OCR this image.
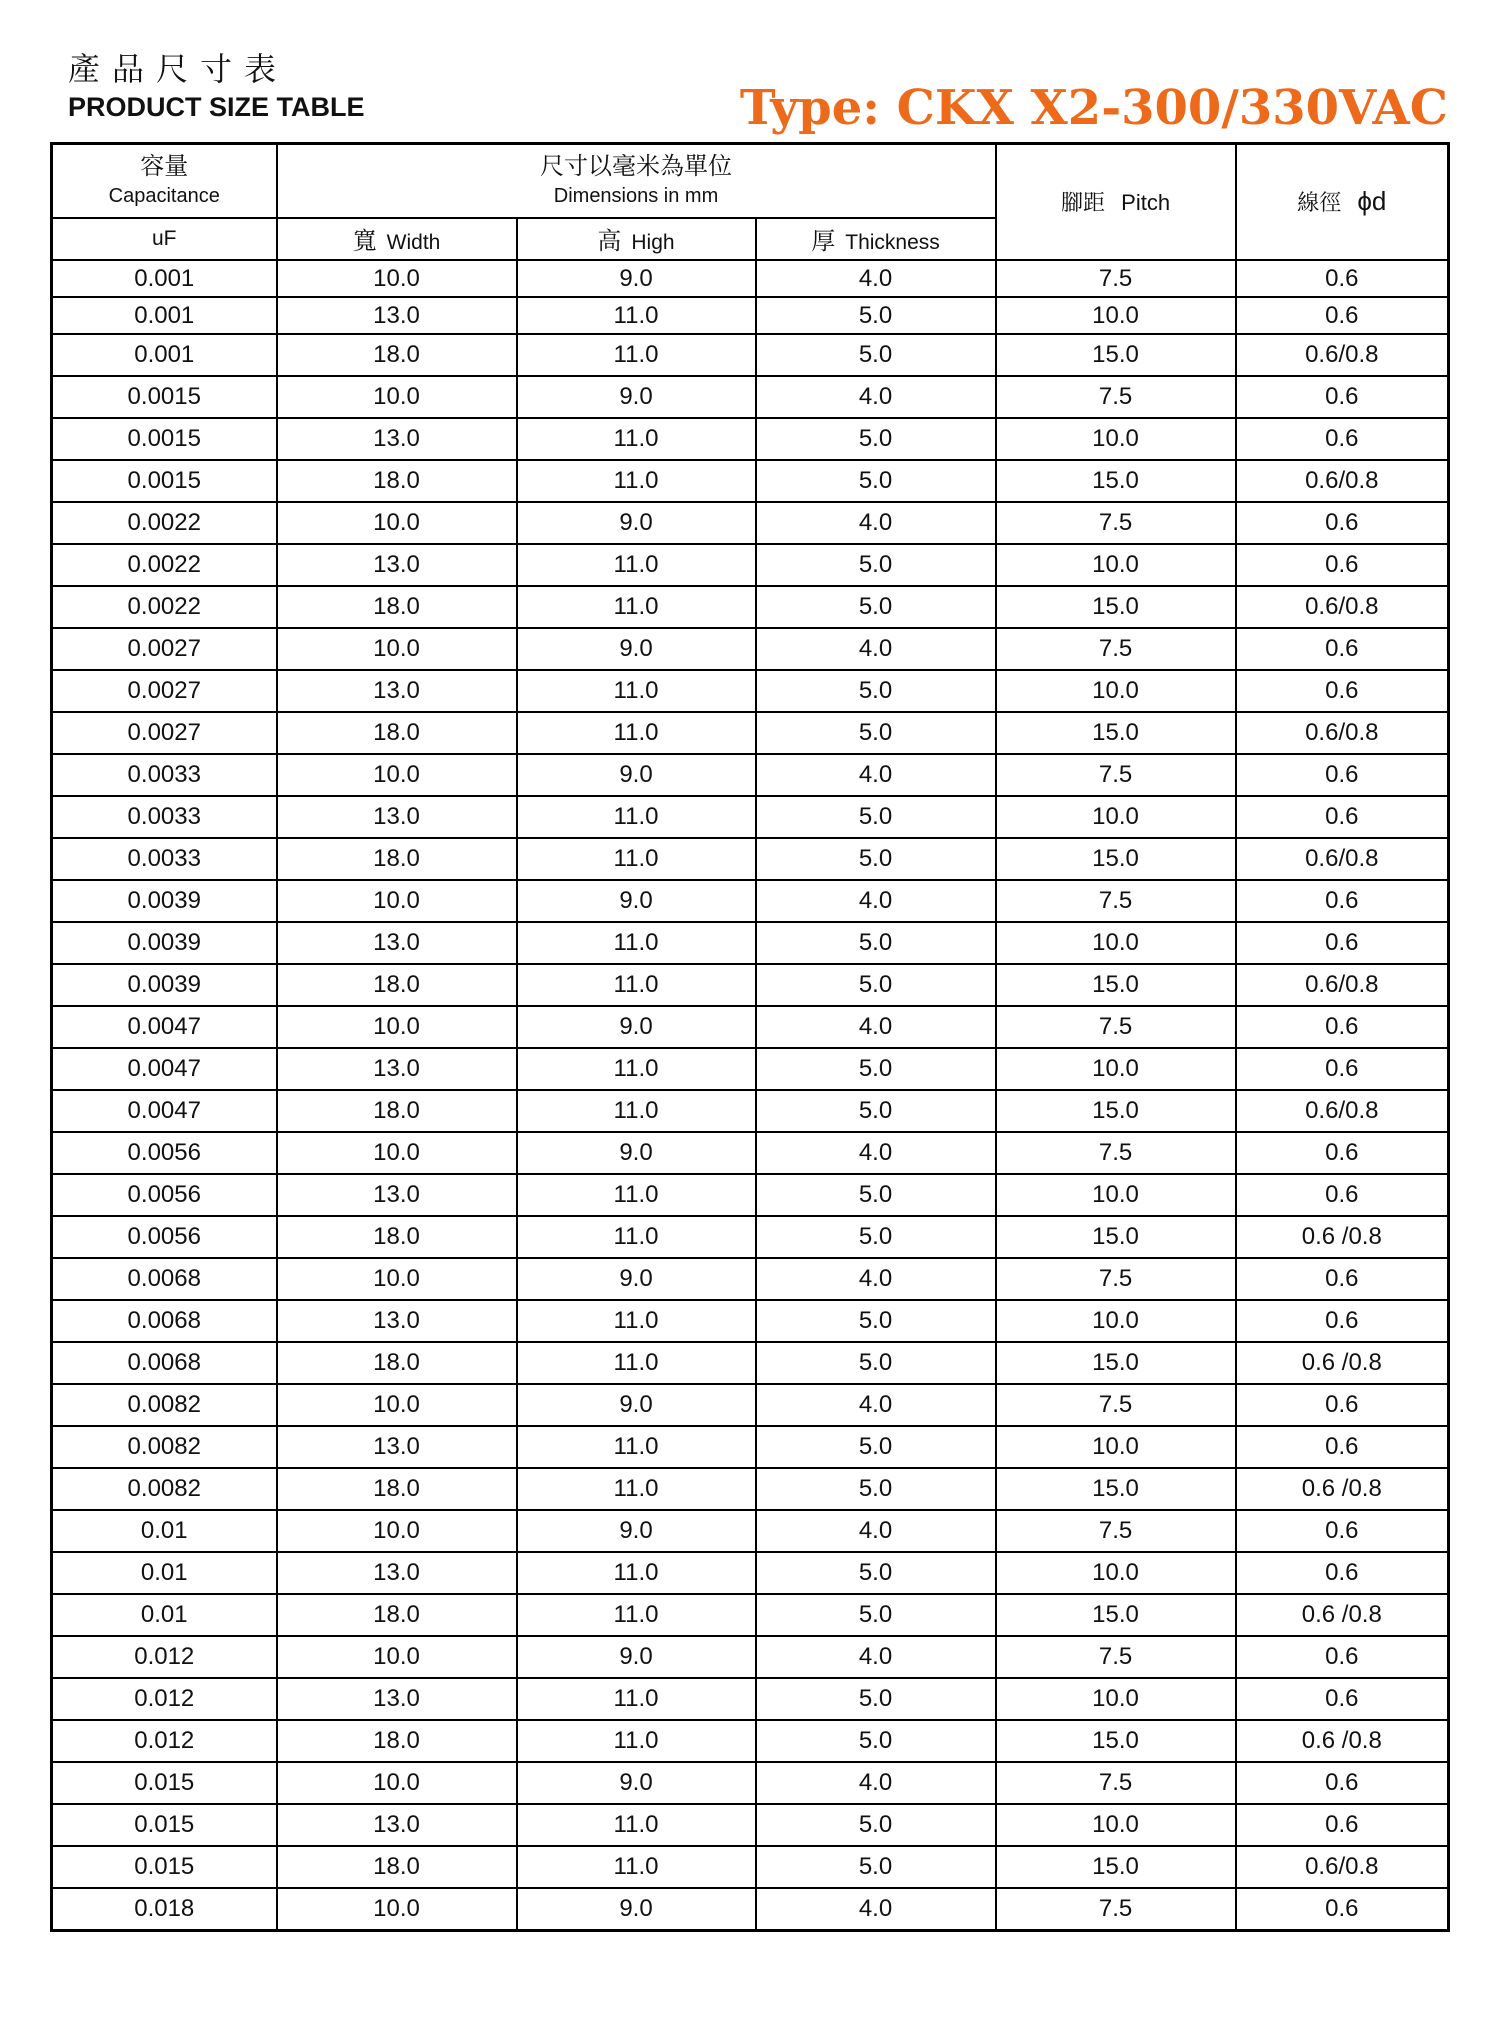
產品尺寸表
PRODUCT SIZE TABLE	Type: CKX X2-300/330VAC
容量
Capacitance	尺寸以毫米為單位
Dimensions in mm			腳距 Pitch	線徑 ϕd
uF	寬 Width	高 High	厚 Thickness		
0.001	10.0	9.0	4.0	7.5	0.6
0.001	13.0	11.0	5.0	10.0	0.6
0.001	18.0	11.0	5.0	15.0	0.6/0.8
0.0015	10.0	9.0	4.0	7.5	0.6
0.0015	13.0	11.0	5.0	10.0	0.6
0.0015	18.0	11.0	5.0	15.0	0.6/0.8
0.0022	10.0	9.0	4.0	7.5	0.6
0.0022	13.0	11.0	5.0	10.0	0.6
0.0022	18.0	11.0	5.0	15.0	0.6/0.8
0.0027	10.0	9.0	4.0	7.5	0.6
0.0027	13.0	11.0	5.0	10.0	0.6
0.0027	18.0	11.0	5.0	15.0	0.6/0.8
0.0033	10.0	9.0	4.0	7.5	0.6
0.0033	13.0	11.0	5.0	10.0	0.6
0.0033	18.0	11.0	5.0	15.0	0.6/0.8
0.0039	10.0	9.0	4.0	7.5	0.6
0.0039	13.0	11.0	5.0	10.0	0.6
0.0039	18.0	11.0	5.0	15.0	0.6/0.8
0.0047	10.0	9.0	4.0	7.5	0.6
0.0047	13.0	11.0	5.0	10.0	0.6
0.0047	18.0	11.0	5.0	15.0	0.6/0.8
0.0056	10.0	9.0	4.0	7.5	0.6
0.0056	13.0	11.0	5.0	10.0	0.6
0.0056	18.0	11.0	5.0	15.0	0.6 /0.8
0.0068	10.0	9.0	4.0	7.5	0.6
0.0068	13.0	11.0	5.0	10.0	0.6
0.0068	18.0	11.0	5.0	15.0	0.6 /0.8
0.0082	10.0	9.0	4.0	7.5	0.6
0.0082	13.0	11.0	5.0	10.0	0.6
0.0082	18.0	11.0	5.0	15.0	0.6 /0.8
0.01	10.0	9.0	4.0	7.5	0.6
0.01	13.0	11.0	5.0	10.0	0.6
0.01	18.0	11.0	5.0	15.0	0.6 /0.8
0.012	10.0	9.0	4.0	7.5	0.6
0.012	13.0	11.0	5.0	10.0	0.6
0.012	18.0	11.0	5.0	15.0	0.6 /0.8
0.015	10.0	9.0	4.0	7.5	0.6
0.015	13.0	11.0	5.0	10.0	0.6
0.015	18.0	11.0	5.0	15.0	0.6/0.8
0.018	10.0	9.0	4.0	7.5	0.6
